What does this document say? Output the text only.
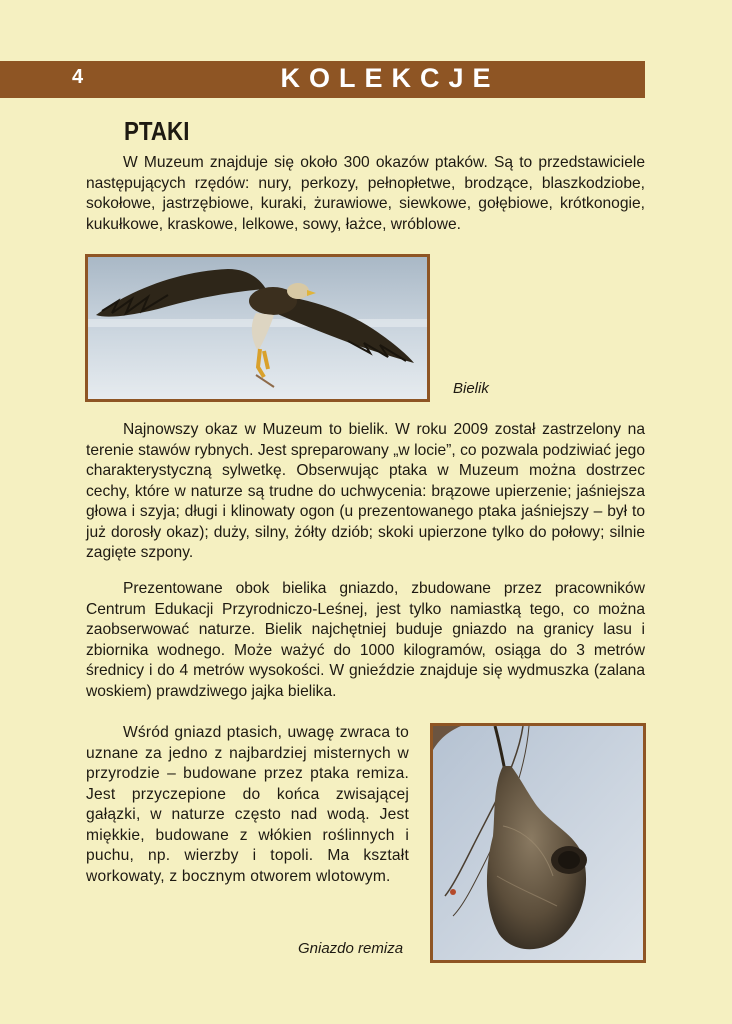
4	KOLEKCJE
PTAKI

W Muzeum znajduje się około 300 okazów ptaków. Są to przedstawiciele następujących rzędów: nury, perkozy, pełnopłetwe, brodzące, blaszkodziobe, sokołowe, jastrzębiowe, kuraki, żurawiowe, siewkowe, gołębiowe, krótkonogie, kukułkowe, kraskowe, lelkowe, sowy, łażce, wróblowe.

Bielik

Najnowszy okaz w Muzeum to bielik. W roku 2009 został zastrzelony na terenie stawów rybnych. Jest spreparowany „w locie”, co pozwala podziwiać jego charakterystyczną sylwetkę. Obserwując ptaka w Muzeum można dostrzec cechy, które w naturze są trudne do uchwycenia: brązowe upierzenie; jaśniejsza głowa i szyja; długi i klinowaty ogon (u prezentowanego ptaka jaśniejszy – był to już dorosły okaz); duży, silny, żółty dziób; skoki upierzone tylko do połowy; silnie zagięte szpony.

Prezentowane obok bielika gniazdo, zbudowane przez pracowników Centrum Edukacji Przyrodniczo-Leśnej, jest tylko namiastką tego, co można zaobserwować naturze. Bielik najchętniej buduje gniazdo na granicy lasu i zbiornika wodnego. Może ważyć do 1000 kilogramów, osiąga do 3 metrów średnicy i do 4 metrów wysokości. W gnieździe znajduje się wydmuszka (zalana woskiem) prawdziwego jajka bielika.

Wśród gniazd ptasich, uwagę zwraca to uznane za jedno z najbardziej misternych w przyrodzie – budowane przez ptaka remiza. Jest przyczepione do końca zwisającej gałązki, w naturze często nad wodą. Jest miękkie, budowane z włókien roślinnych i puchu, np. wierzby i topoli. Ma kształt workowaty, z bocznym otworem wlotowym.

Gniazdo remiza
